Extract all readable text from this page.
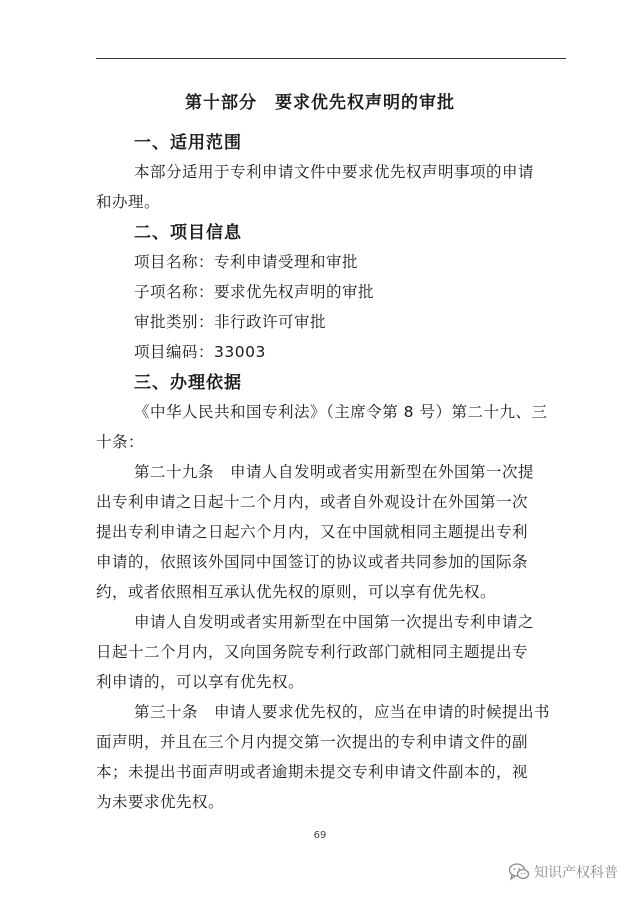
第十部分　要求优先权声明的审批
一、适用范围
本部分适用于专利申请文件中要求优先权声明事项的申请
和办理。
二、项目信息
项目名称：专利申请受理和审批
子项名称：要求优先权声明的审批
审批类别：非行政许可审批
项目编码：33003
三、办理依据
《中华人民共和国专利法》（主席令第 8 号）第二十九、三
十条：
第二十九条　申请人自发明或者实用新型在外国第一次提
出专利申请之日起十二个月内，或者自外观设计在外国第一次
提出专利申请之日起六个月内，又在中国就相同主题提出专利
申请的，依照该外国同中国签订的协议或者共同参加的国际条
约，或者依照相互承认优先权的原则，可以享有优先权。
申请人自发明或者实用新型在中国第一次提出专利申请之
日起十二个月内，又向国务院专利行政部门就相同主题提出专
利申请的，可以享有优先权。
第三十条　申请人要求优先权的，应当在申请的时候提出书
面声明，并且在三个月内提交第一次提出的专利申请文件的副
本；未提出书面声明或者逾期未提交专利申请文件副本的，视
为未要求优先权。
69
知识产权科普
